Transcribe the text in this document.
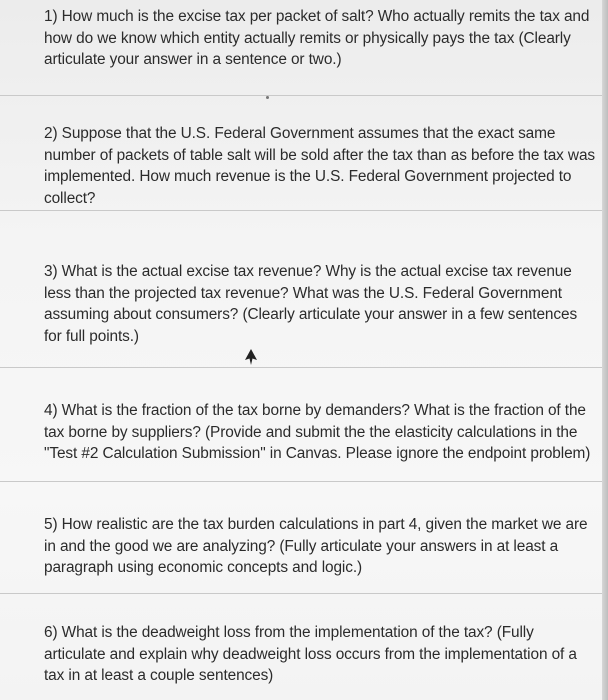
1) How much is the excise tax per packet of salt? Who actually remits the tax and how do we know which entity actually remits or physically pays the tax (Clearly articulate your answer in a sentence or two.)

2) Suppose that the U.S. Federal Government assumes that the exact same number of packets of table salt will be sold after the tax than as before the tax was implemented. How much revenue is the U.S. Federal Government projected to collect?

3) What is the actual excise tax revenue? Why is the actual excise tax revenue less than the projected tax revenue? What was the U.S. Federal Government assuming about consumers? (Clearly articulate your answer in a few sentences for full points.)

4) What is the fraction of the tax borne by demanders? What is the fraction of the tax borne by suppliers? (Provide and submit the the elasticity calculations in the "Test #2 Calculation Submission" in Canvas. Please ignore the endpoint problem)

5) How realistic are the tax burden calculations in part 4, given the market we are in and the good we are analyzing? (Fully articulate your answers in at least a paragraph using economic concepts and logic.)

6) What is the deadweight loss from the implementation of the tax? (Fully articulate and explain why deadweight loss occurs from the implementation of a tax in at least a couple sentences)
